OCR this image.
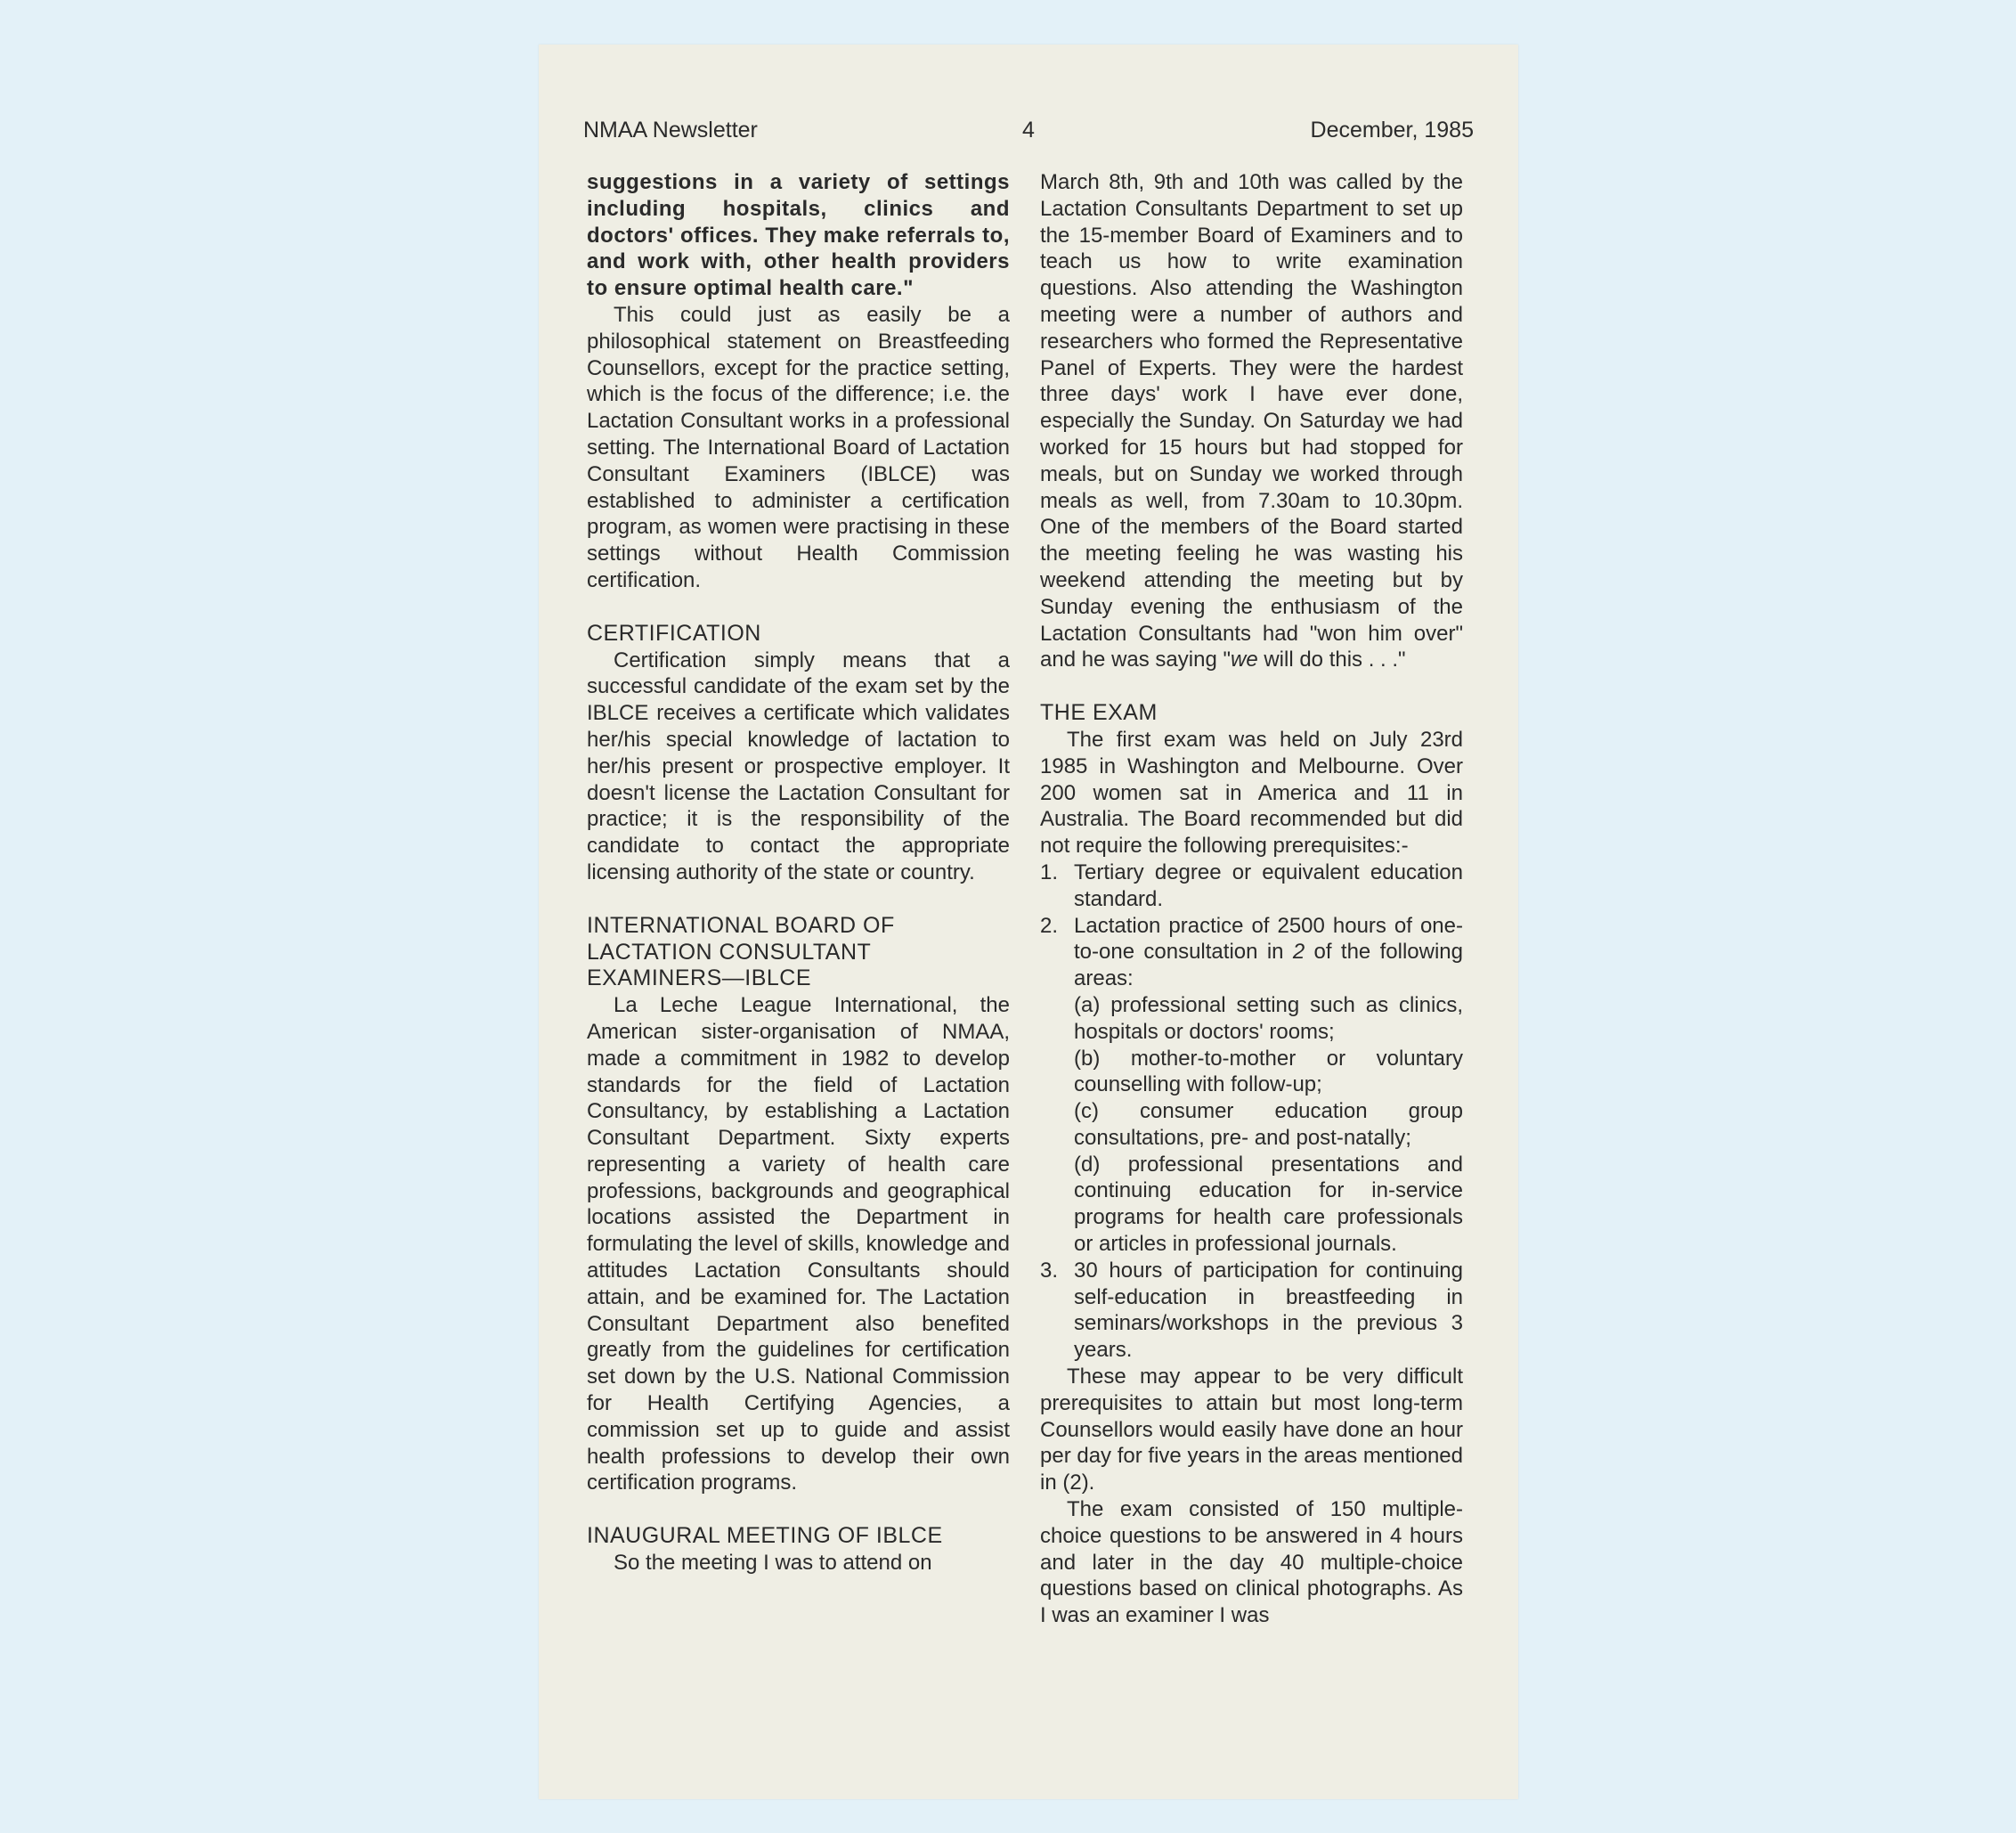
NMAA Newsletter	4	December, 1985

suggestions in a variety of settings including hospitals, clinics and doctors' offices. They make referrals to, and work with, other health providers to ensure optimal health care."

This could just as easily be a philosophical statement on Breastfeeding Counsellors, except for the practice setting, which is the focus of the difference; i.e. the Lactation Consultant works in a professional setting. The International Board of Lactation Consultant Examiners (IBLCE) was established to administer a certification program, as women were practising in these settings without Health Commission certification.

CERTIFICATION

Certification simply means that a successful candidate of the exam set by the IBLCE receives a certificate which validates her/his special knowledge of lactation to her/his present or prospective employer. It doesn't license the Lactation Consultant for practice; it is the responsibility of the candidate to contact the appropriate licensing authority of the state or country.

INTERNATIONAL BOARD OF
LACTATION CONSULTANT
EXAMINERS—IBLCE

La Leche League International, the American sister-organisation of NMAA, made a commitment in 1982 to develop standards for the field of Lactation Consultancy, by establishing a Lactation Consultant Department. Sixty experts representing a variety of health care professions, backgrounds and geographical locations assisted the Department in formulating the level of skills, knowledge and attitudes Lactation Consultants should attain, and be examined for. The Lactation Consultant Department also benefited greatly from the guidelines for certification set down by the U.S. National Commission for Health Certifying Agencies, a commission set up to guide and assist health professions to develop their own certification programs.

INAUGURAL MEETING OF IBLCE

So the meeting I was to attend on

March 8th, 9th and 10th was called by the Lactation Consultants Department to set up the 15-member Board of Examiners and to teach us how to write examination questions. Also attending the Washington meeting were a number of authors and researchers who formed the Representative Panel of Experts. They were the hardest three days' work I have ever done, especially the Sunday. On Saturday we had worked for 15 hours but had stopped for meals, but on Sunday we worked through meals as well, from 7.30am to 10.30pm. One of the members of the Board started the meeting feeling he was wasting his weekend attending the meeting but by Sunday evening the enthusiasm of the Lactation Consultants had "won him over" and he was saying "we will do this . . ."

THE EXAM

The first exam was held on July 23rd 1985 in Washington and Melbourne. Over 200 women sat in America and 11 in Australia. The Board recommended but did not require the following prerequisites:-

1. Tertiary degree or equivalent education standard.
2. Lactation practice of 2500 hours of one-to-one consultation in 2 of the following areas:
(a) professional setting such as clinics, hospitals or doctors' rooms;
(b) mother-to-mother or voluntary counselling with follow-up;
(c) consumer education group consultations, pre- and post-natally;
(d) professional presentations and continuing education for in-service programs for health care professionals or articles in professional journals.
3. 30 hours of participation for continuing self-education in breastfeeding in seminars/workshops in the previous 3 years.

These may appear to be very difficult prerequisites to attain but most long-term Counsellors would easily have done an hour per day for five years in the areas mentioned in (2).

The exam consisted of 150 multiple-choice questions to be answered in 4 hours and later in the day 40 multiple-choice questions based on clinical photographs. As I was an examiner I was
